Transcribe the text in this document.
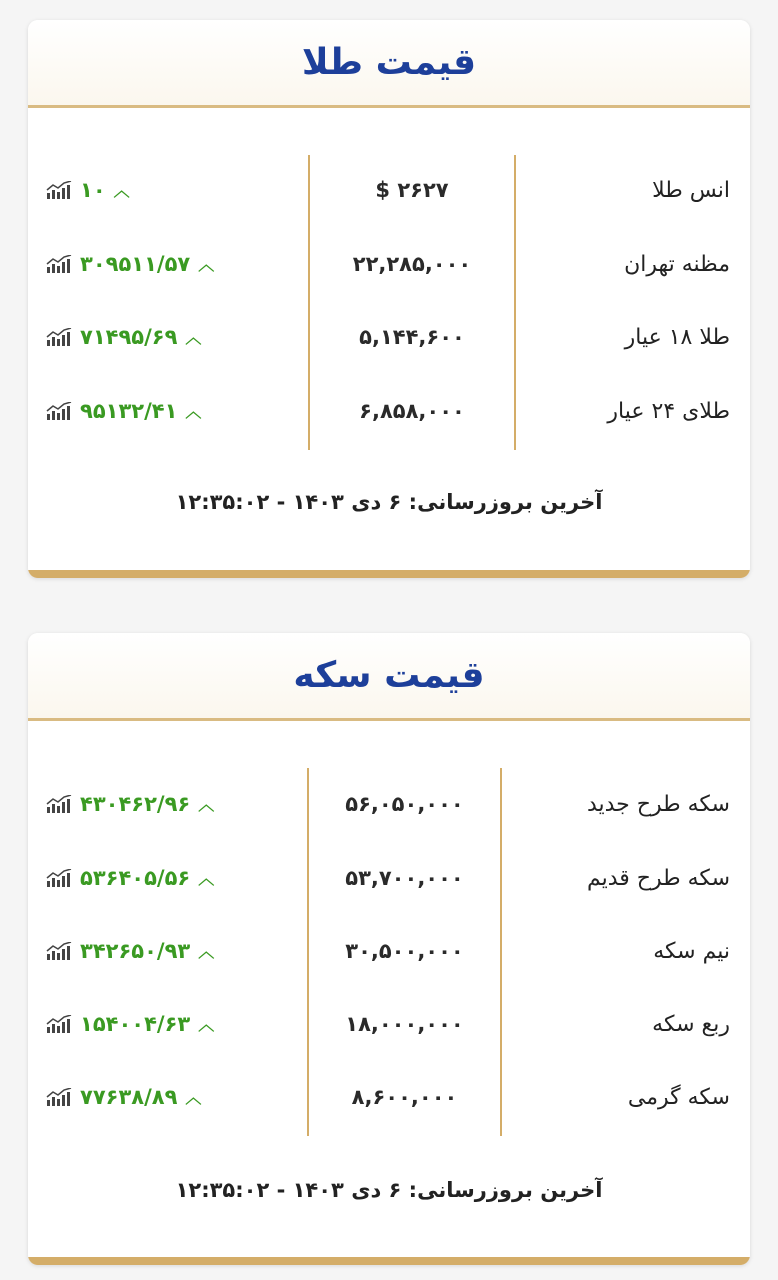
قیمت طلا
انس طلا
$ ۲۶۲۷
۱۰ ︿
مظنه تهران
۲۲,۲۸۵,۰۰۰
۳۰۹۵۱۱/۵۷ ︿
طلا ۱۸ عیار
۵,۱۴۴,۶۰۰
۷۱۴۹۵/۶۹ ︿
طلای ۲۴ عیار
۶,۸۵۸,۰۰۰
۹۵۱۳۲/۴۱ ︿
آخرین بروزرسانی: ۶ دی ۱۴۰۳ - ۱۲:۳۵:۰۲
قیمت سکه
سکه طرح جدید
۵۶,۰۵۰,۰۰۰
۴۳۰۴۶۲/۹۶ ︿
سکه طرح قدیم
۵۳,۷۰۰,۰۰۰
۵۳۶۴۰۵/۵۶ ︿
نیم سکه
۳۰,۵۰۰,۰۰۰
۳۴۲۶۵۰/۹۳ ︿
ربع سکه
۱۸,۰۰۰,۰۰۰
۱۵۴۰۰۴/۶۳ ︿
سکه گرمی
۸,۶۰۰,۰۰۰
۷۷۶۳۸/۸۹ ︿
آخرین بروزرسانی: ۶ دی ۱۴۰۳ - ۱۲:۳۵:۰۲
